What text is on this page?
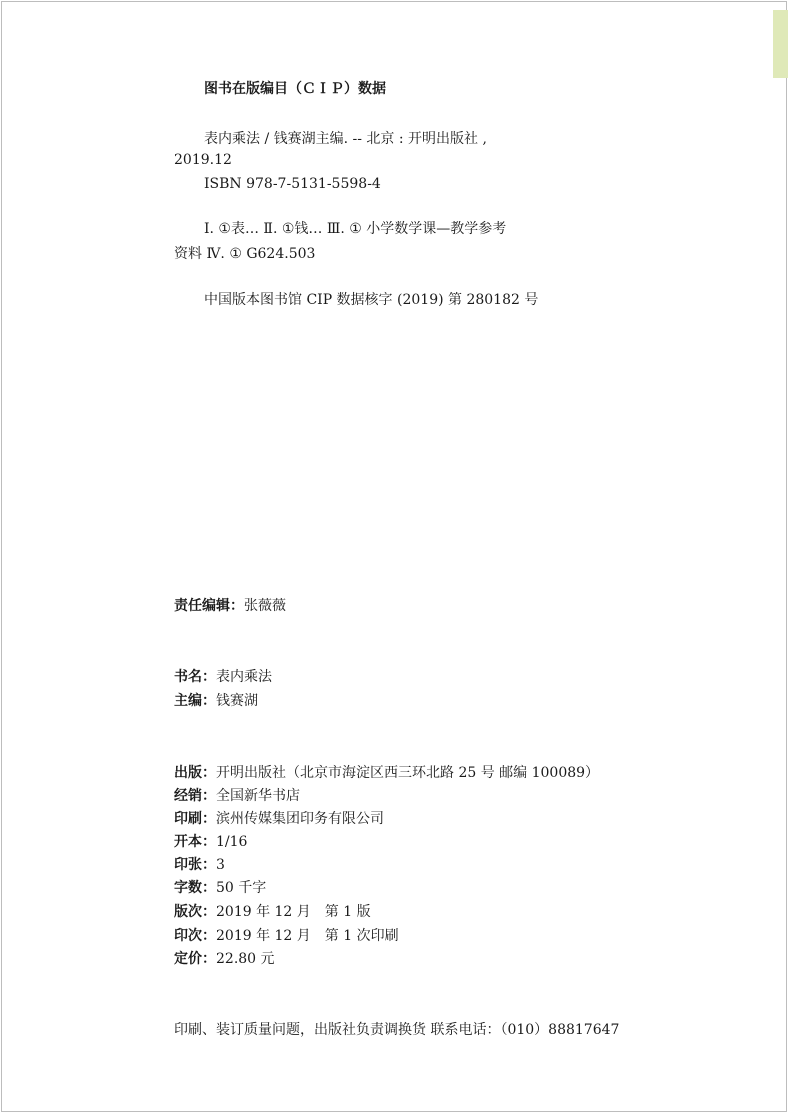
图书在版编目（ＣＩＰ）数据
表内乘法 / 钱赛湖主编. -- 北京 : 开明出版社 ,
2019.12
ISBN 978-7-5131-5598-4
Ⅰ. ①表… Ⅱ. ①钱… Ⅲ. ① 小学数学课—教学参考
资料 Ⅳ. ① G624.503
中国版本图书馆 CIP 数据核字 (2019) 第 280182 号
责任编辑：张薇薇
书名：表内乘法
主编：钱赛湖
出版：开明出版社（北京市海淀区西三环北路 25 号 邮编 100089）
经销：全国新华书店
印刷：滨州传媒集团印务有限公司
开本：1/16
印张：3
字数：50 千字
版次：2019 年 12 月　第 1 版
印次：2019 年 12 月　第 1 次印刷
定价：22.80 元
印刷、装订质量问题，出版社负责调换货 联系电话：（010）88817647
